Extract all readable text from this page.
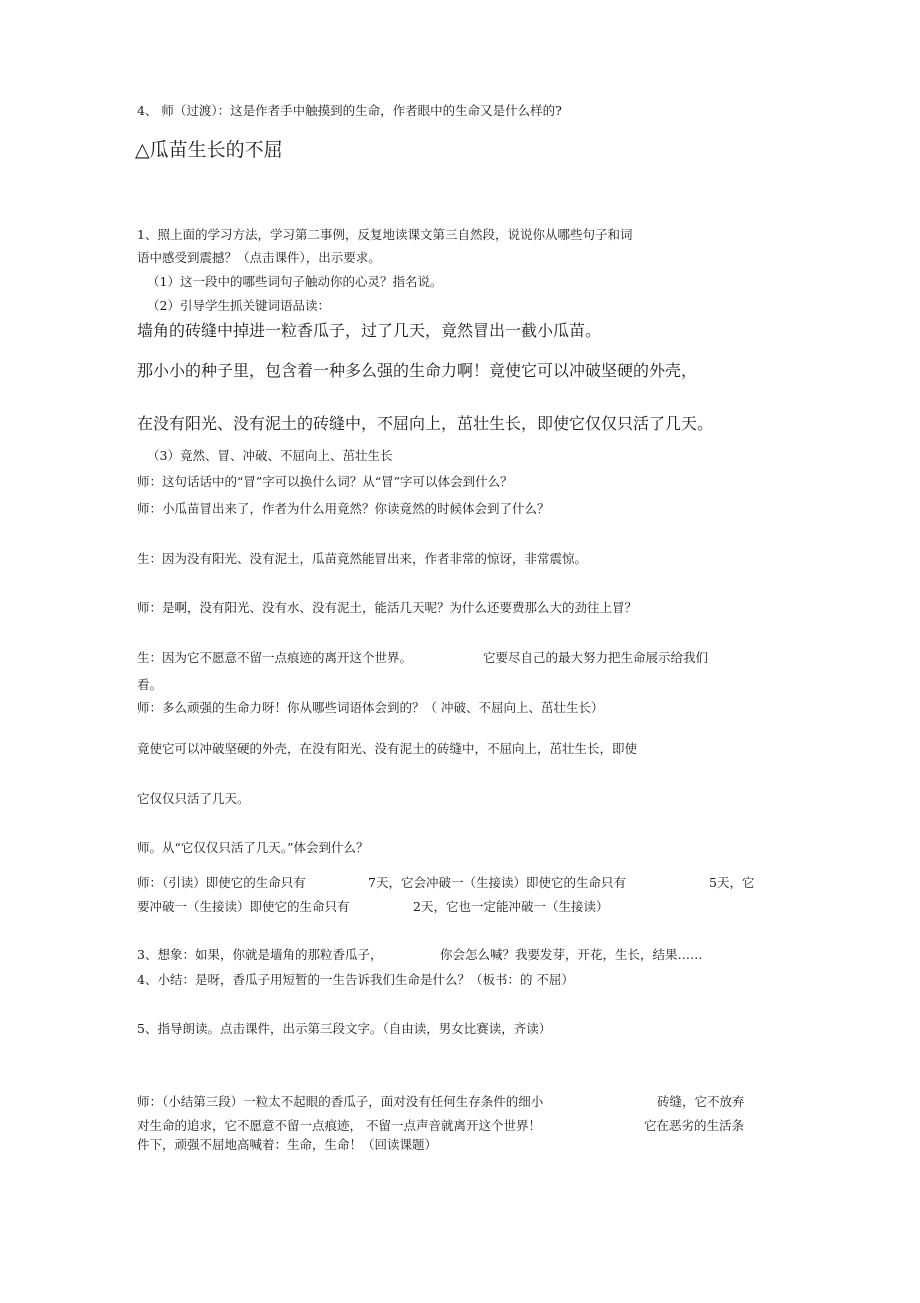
4、 师（过渡）：这是作者手中触摸到的生命，作者眼中的生命又是什么样的?
△瓜苗生长的不屈
1、照上面的学习方法，学习第二事例，反复地读课文第三自然段，说说你从哪些句子和词
语中感受到震撼？（点击课件），出示要求。
（1）这一段中的哪些词句子触动你的心灵？指名说。
（2）引导学生抓关键词语品读：
墙角的砖缝中掉进一粒香瓜子，过了几天，竟然冒出一截小瓜苗。
那小小的种子里，包含着一种多么强的生命力啊！竟使它可以冲破坚硬的外壳，
在没有阳光、没有泥土的砖缝中，不屈向上，茁壮生长，即使它仅仅只活了几天。
（3）竟然、冒、冲破、不屈向上、茁壮生长
师：这句话话中的“冒”字可以换什么词？从“冒”字可以体会到什么？
师：小瓜苗冒出来了，作者为什么用竟然？你读竟然的时候体会到了什么？
生：因为没有阳光、没有泥土，瓜苗竟然能冒出来，作者非常的惊讶，非常震惊。
师：是啊，没有阳光、没有水、没有泥土，能活几天呢？为什么还要费那么大的劲往上冒？
生：因为它不愿意不留一点痕迹的离开这个世界。	它要尽自己的最大努力把生命展示给我们
看。
师：多么顽强的生命力呀！你从哪些词语体会到的？（ 冲破、不屈向上、茁壮生长）
竟使它可以冲破坚硬的外壳，在没有阳光、没有泥土的砖缝中，不屈向上，茁壮生长，即使
它仅仅只活了几天。
师。从“它仅仅只活了几天。”体会到什么？
师：（引读）即使它的生命只有	7天，它会冲破一（生接读）即使它的生命只有	5天，它
要冲破一（生接读）即使它的生命只有	2天，它也一定能冲破一（生接读）
3、想象：如果，你就是墙角的那粒香瓜子，	你会怎么喊？我要发芽，开花，生长，结果……
4、小结：是呀，香瓜子用短暂的一生告诉我们生命是什么？（板书：的 不屈）
5、指导朗读。点击课件，出示第三段文字。（自由读，男女比赛读，齐读）
师：（小结第三段）一粒太不起眼的香瓜子，面对没有任何生存条件的细小	砖缝，它不放弃
对生命的追求，它不愿意不留一点痕迹， 不留一点声音就离开这个世界！	它在恶劣的生活条
件下，顽强不屈地高喊着：生命，生命！（回读课题）
